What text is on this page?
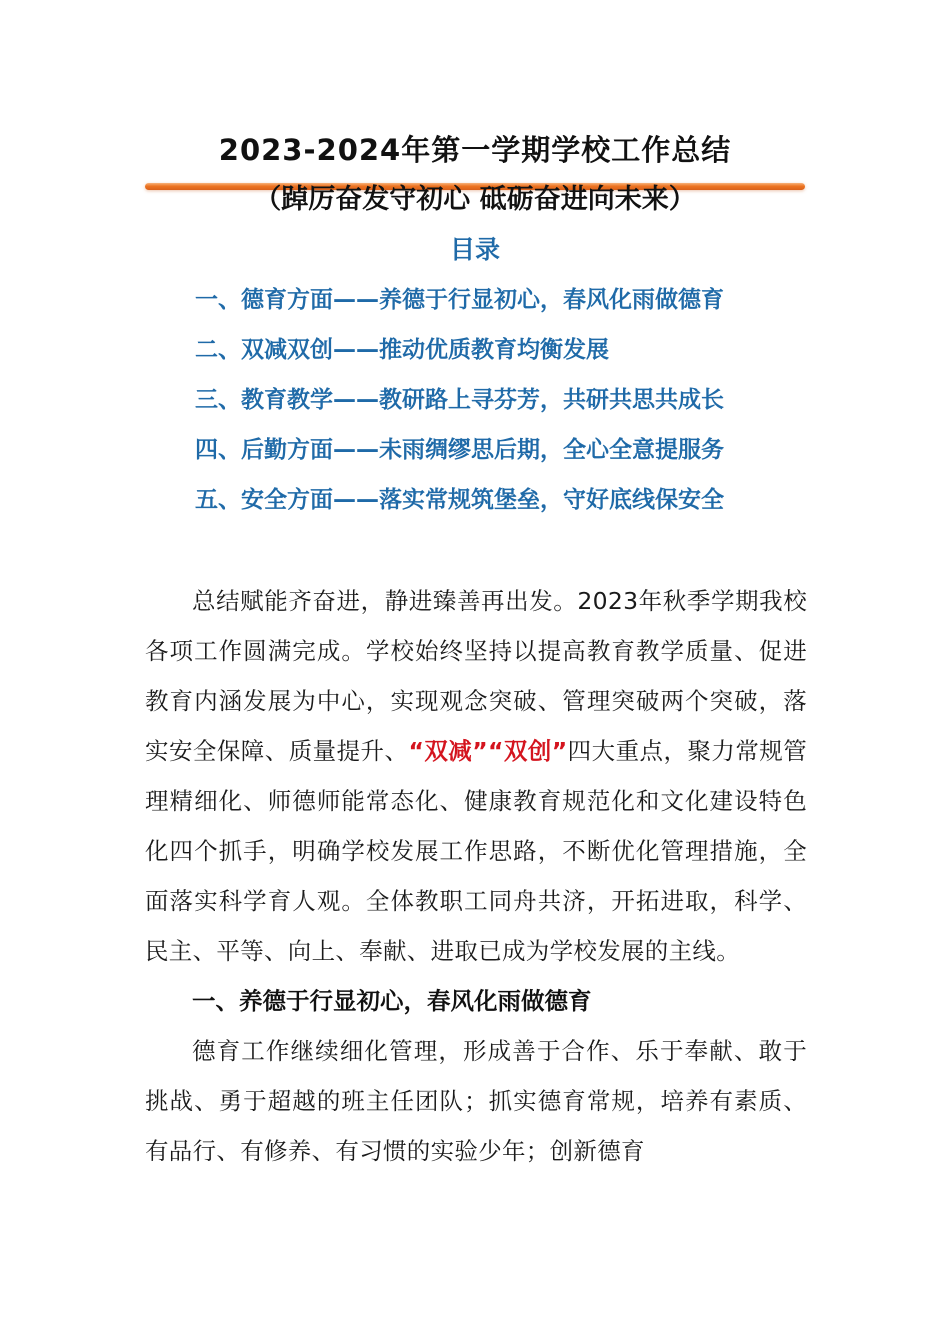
2023-2024年第一学期学校工作总结
（踔厉奋发守初心 砥砺奋进向未来）
目录
一、德育方面——养德于行显初心，春风化雨做德育
二、双减双创——推动优质教育均衡发展
三、教育教学——教研路上寻芬芳，共研共思共成长
四、后勤方面——未雨绸缪思后期，全心全意提服务
五、安全方面——落实常规筑堡垒，守好底线保安全

总结赋能齐奋进，静进臻善再出发。2023年秋季学期我校各项工作圆满完成。学校始终坚持以提高教育教学质量、促进教育内涵发展为中心，实现观念突破、管理突破两个突破，落实安全保障、质量提升、“双减”“双创”四大重点，聚力常规管理精细化、师德师能常态化、健康教育规范化和文化建设特色化四个抓手，明确学校发展工作思路，不断优化管理措施，全面落实科学育人观。全体教职工同舟共济，开拓进取，科学、民主、平等、向上、奉献、进取已成为学校发展的主线。

一、养德于行显初心，春风化雨做德育

德育工作继续细化管理，形成善于合作、乐于奉献、敢于挑战、勇于超越的班主任团队；抓实德育常规，培养有素质、有品行、有修养、有习惯的实验少年；创新德育
